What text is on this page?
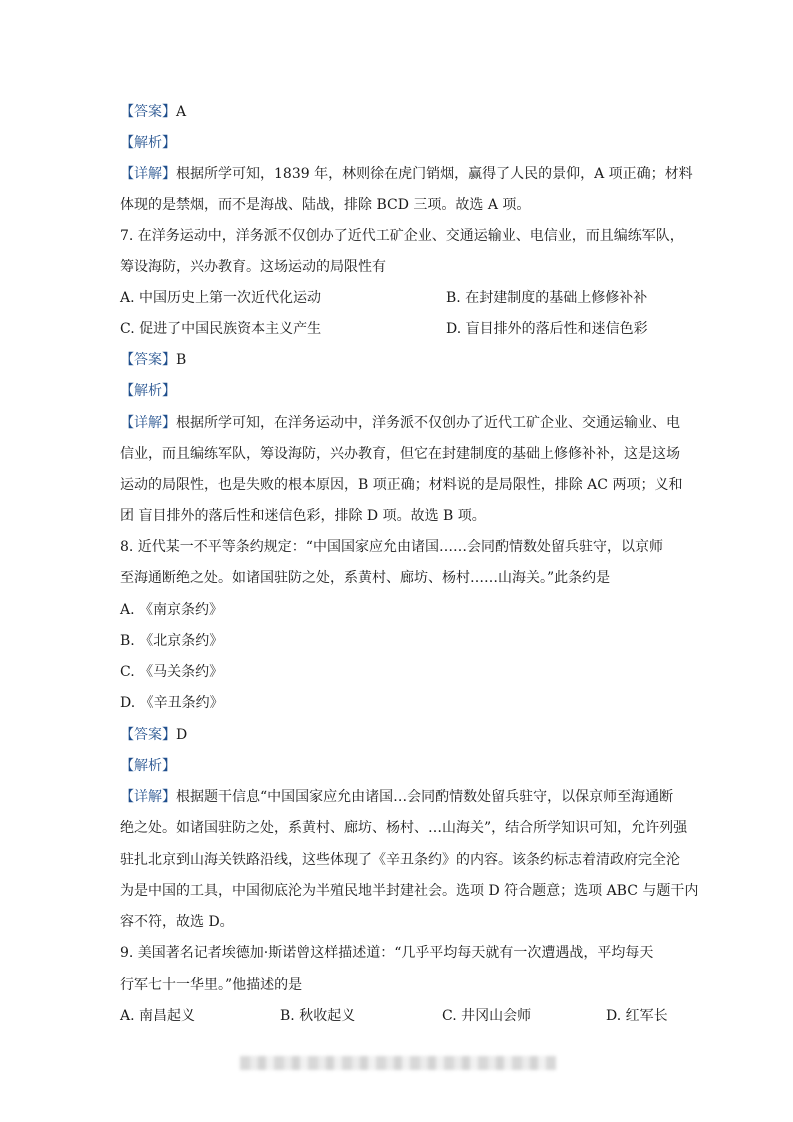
【答案】A
【解析】
【详解】根据所学可知，1839 年，林则徐在虎门销烟，赢得了人民的景仰，A 项正确；材料
体现的是禁烟，而不是海战、陆战，排除 BCD 三项。故选 A 项。
7. 在洋务运动中，洋务派不仅创办了近代工矿企业、交通运输业、电信业，而且编练军队，
筹设海防，兴办教育。这场运动的局限性有
A. 中国历史上第一次近代化运动	B. 在封建制度的基础上修修补补
C. 促进了中国民族资本主义产生	D. 盲目排外的落后性和迷信色彩
【答案】B
【解析】
【详解】根据所学可知，在洋务运动中，洋务派不仅创办了近代工矿企业、交通运输业、电
信业，而且编练军队，筹设海防，兴办教育，但它在封建制度的基础上修修补补，这是这场
运动的局限性，也是失败的根本原因，B 项正确；材料说的是局限性，排除 AC 两项；义和
团 盲目排外的落后性和迷信色彩，排除 D 项。故选 B 项。
8. 近代某一不平等条约规定：“中国国家应允由诸国……会同酌情数处留兵驻守，以京师
至海通断绝之处。如诸国驻防之处，系黄村、廊坊、杨村……山海关。”此条约是
A. 《南京条约》
B. 《北京条约》
C. 《马关条约》
D. 《辛丑条约》
【答案】D
【解析】
【详解】根据题干信息“中国国家应允由诸国…会同酌情数处留兵驻守，以保京师至海通断
绝之处。如诸国驻防之处，系黄村、廊坊、杨村、…山海关”，结合所学知识可知，允许列强
驻扎北京到山海关铁路沿线，这些体现了《辛丑条约》的内容。该条约标志着清政府完全沦
为是中国的工具，中国彻底沦为半殖民地半封建社会。选项 D 符合题意；选项 ABC 与题干内
容不符，故选 D。
9. 美国著名记者埃德加·斯诺曾这样描述道：“几乎平均每天就有一次遭遇战，平均每天
行军七十一华里。”他描述的是
A. 南昌起义	B. 秋收起义	C. 井冈山会师	D. 红军长
